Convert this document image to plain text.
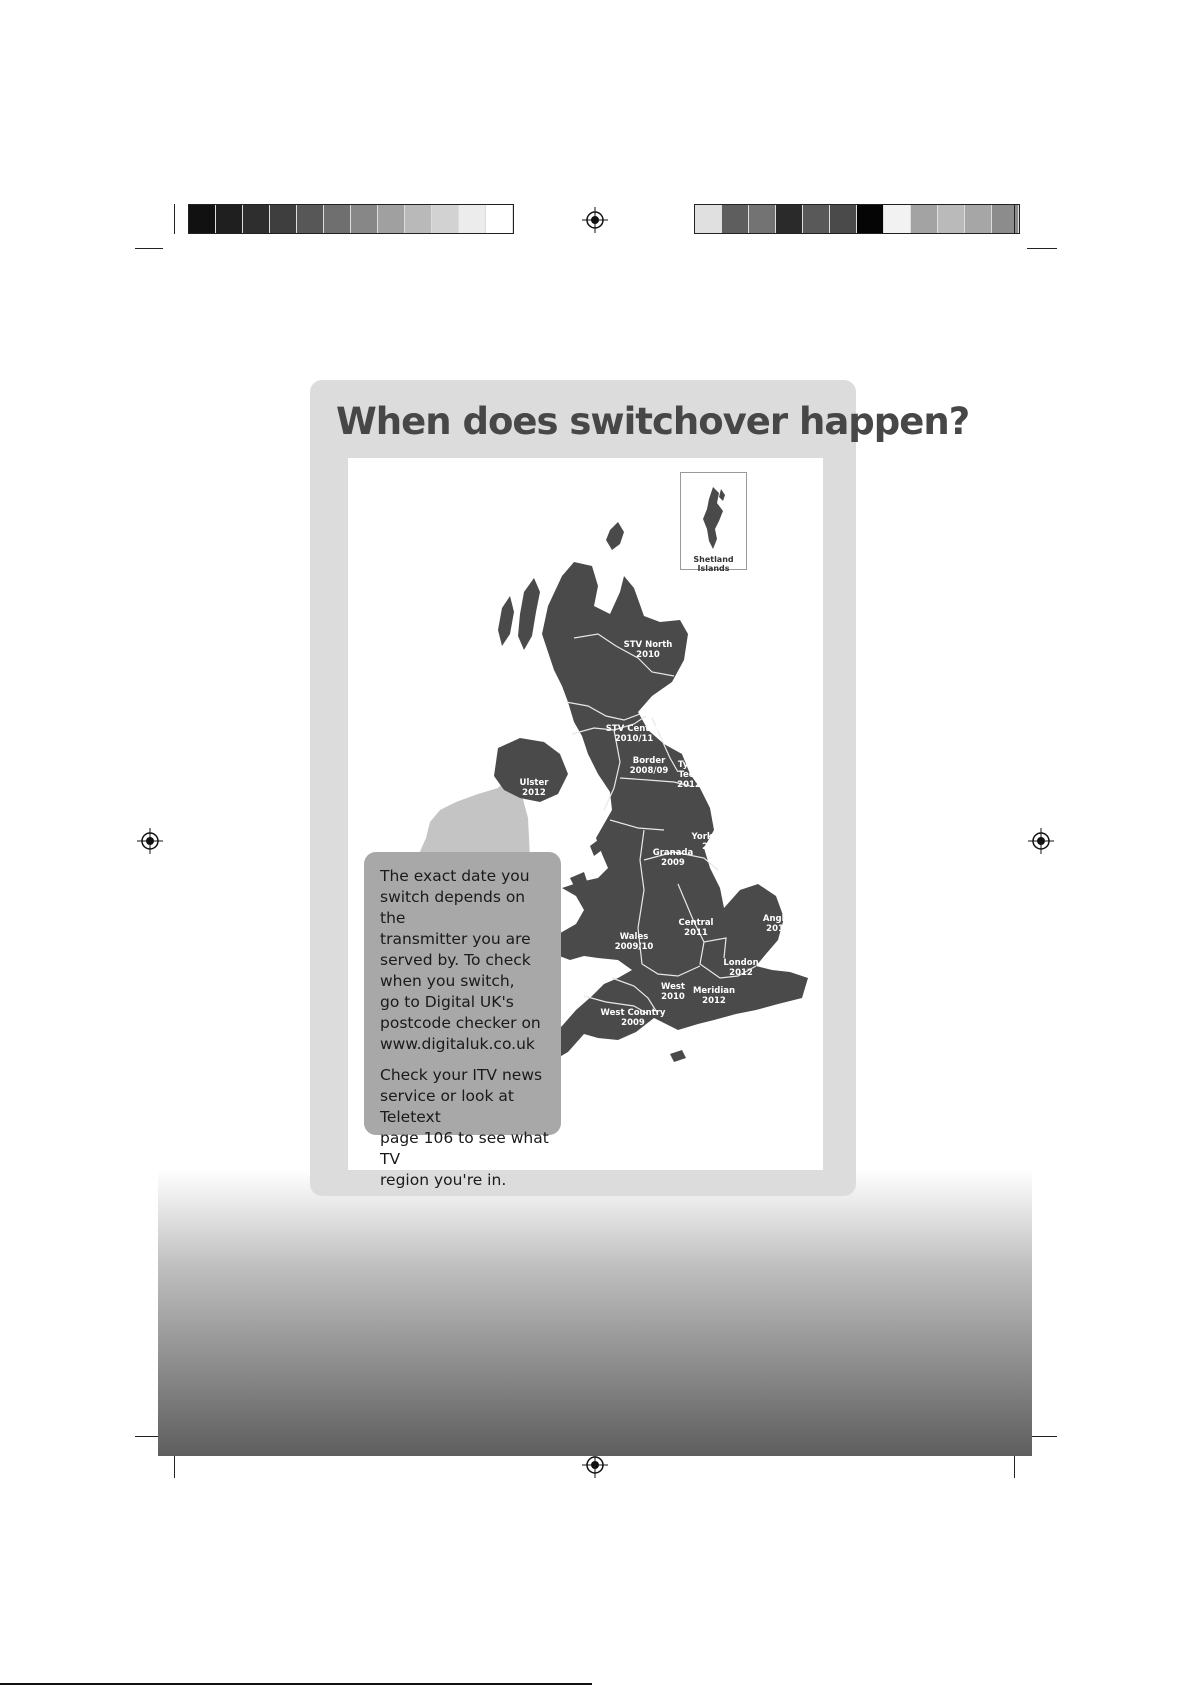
When does switchover happen?
Shetland Islands
STV North
2010
STV Central
2010/11
Border
2008/09
Tyne Tees
2012
Ulster
2012
Yorkshire
2011
Granada
2009
Anglia
2011
Central
2011
Wales
2009/10
London
2012
West
2010
Meridian
2012
West Country
2009

The exact date you
switch depends on the
transmitter you are
served by. To check
when you switch,
go to Digital UK's
postcode checker on
www.digitaluk.co.uk

Check your ITV news
service or look at Teletext
page 106 to see what TV
region you're in.
